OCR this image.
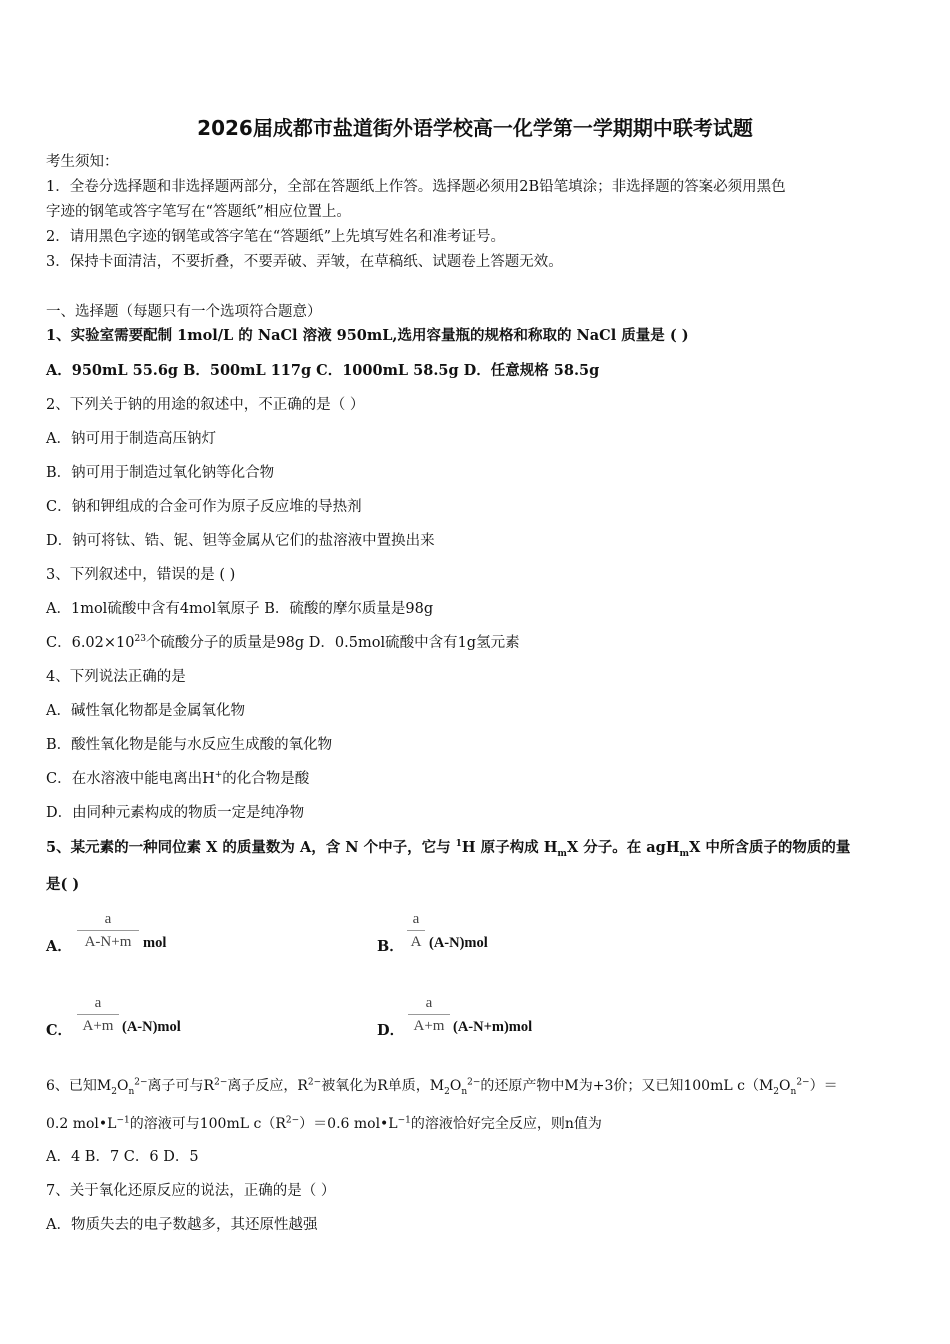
2026届成都市盐道街外语学校高一化学第一学期期中联考试题
考生须知：
1．全卷分选择题和非选择题两部分，全部在答题纸上作答。选择题必须用2B铅笔填涂；非选择题的答案必须用黑色
字迹的钢笔或答字笔写在“答题纸”相应位置上。
2．请用黑色字迹的钢笔或答字笔在“答题纸”上先填写姓名和准考证号。
3．保持卡面清洁，不要折叠，不要弄破、弄皱，在草稿纸、试题卷上答题无效。
一、选择题（每题只有一个选项符合题意）
1、实验室需要配制 1mol/L 的 NaCl 溶液 950mL,选用容量瓶的规格和称取的 NaCl 质量是 ( )
A．950mL 55.6g B．500mL 117g C．1000mL 58.5g D．任意规格 58.5g
2、下列关于钠的用途的叙述中，不正确的是（ ）
A．钠可用于制造高压钠灯
B．钠可用于制造过氧化钠等化合物
C．钠和钾组成的合金可作为原子反应堆的导热剂
D．钠可将钛、锆、铌、钽等金属从它们的盐溶液中置换出来
3、下列叙述中，错误的是 ( )
A．1mol硫酸中含有4mol氧原子 B．硫酸的摩尔质量是98g
C．$6.02\times 10^{23}$个硫酸分子的质量是98g D．0.5mol硫酸中含有1g氢元素
4、下列说法正确的是
A．碱性氧化物都是金属氧化物
B．酸性氧化物是能与水反应生成酸的氧化物
C．在水溶液中能电离出H+的化合物是酸
D．由同种元素构成的物质一定是纯净物
5、某元素的一种同位素 X 的质量数为 A，含 N 个中子，它与 $^1$H 原子构成 $H_mX$ 分子。在 agH$_m$X 中所含质子的物质的量
是( )
A．
a
A-N+m mol	B．
a
A (A-N)mol
C．
a
A+m (A-N)mol	D．
a
A+m (A-N+m)mol
6、已知$M_2O_n^{2-}$离子可与$R^{2-}$离子反应，$R^{2-}$被氧化为R单质，$M_2O_n^{2-}$的还原产物中M为+3价；又已知100mL $c(M_2O_n^{2-})=$
0.2 $mol•L^{-1}$的溶液可与100mL $c(R^{2-})=0.6$ $mol•L^{-1}$的溶液恰好完全反应，则n值为
A．4 B．7 C．6 D．5
7、关于氧化还原反应的说法，正确的是（ ）
A．物质失去的电子数越多，其还原性越强
